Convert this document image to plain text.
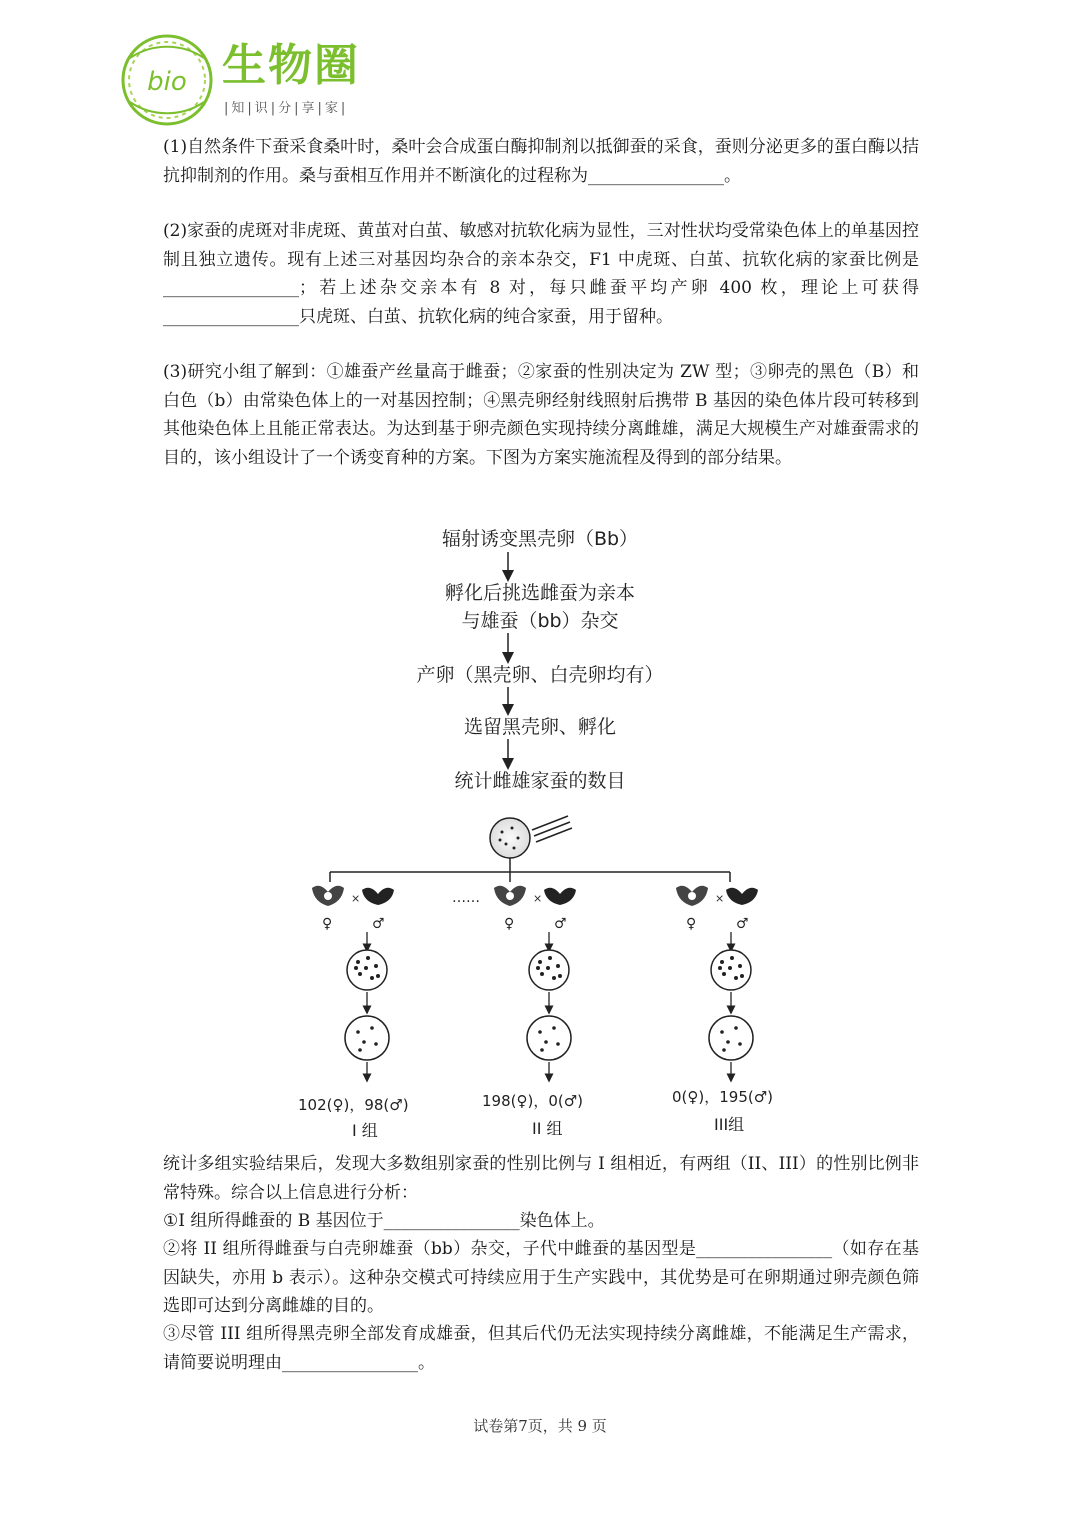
bio 生物圈
|知|识|分|享|家|
(1)自然条件下蚕采食桑叶时，桑叶会合成蛋白酶抑制剂以抵御蚕的采食，蚕则分泌更多的蛋白酶以拮抗抑制剂的作用。桑与蚕相互作用并不断演化的过程称为________________。
(2)家蚕的虎斑对非虎斑、黄茧对白茧、敏感对抗软化病为显性，三对性状均受常染色体上的单基因控制且独立遗传。现有上述三对基因均杂合的亲本杂交，F1 中虎斑、白茧、抗软化病的家蚕比例是________________；若上述杂交亲本有 8 对，每只雌蚕平均产卵 400 枚，理论上可获得________________只虎斑、白茧、抗软化病的纯合家蚕，用于留种。
(3)研究小组了解到：①雄蚕产丝量高于雌蚕；②家蚕的性别决定为 ZW 型；③卵壳的黑色（B）和白色（b）由常染色体上的一对基因控制；④黑壳卵经射线照射后携带 B 基因的染色体片段可转移到其他染色体上且能正常表达。为达到基于卵壳颜色实现持续分离雌雄，满足大规模生产对雄蚕需求的目的，该小组设计了一个诱变育种的方案。下图为方案实施流程及得到的部分结果。
辐射诱变黑壳卵（Bb）
孵化后挑选雌蚕为亲本
与雄蚕（bb）杂交
产卵（黑壳卵、白壳卵均有）
选留黑壳卵、孵化
统计雌雄家蚕的数目
……
×
♀	♂
102(♀)，98(♂)
I 组
×
♀	♂
198(♀)，0(♂)
II 组
×
♀	♂
0(♀)，195(♂)
III组
统计多组实验结果后，发现大多数组别家蚕的性别比例与 I 组相近，有两组（II、III）的性别比例非常特殊。综合以上信息进行分析：
①I 组所得雌蚕的 B 基因位于________________染色体上。
②将 II 组所得雌蚕与白壳卵雄蚕（bb）杂交，子代中雌蚕的基因型是________________（如存在基因缺失，亦用 b 表示）。这种杂交模式可持续应用于生产实践中，其优势是可在卵期通过卵壳颜色筛选即可达到分离雌雄的目的。
③尽管 III 组所得黑壳卵全部发育成雄蚕，但其后代仍无法实现持续分离雌雄，不能满足生产需求，请简要说明理由________________。
试卷第7页，共 9 页
